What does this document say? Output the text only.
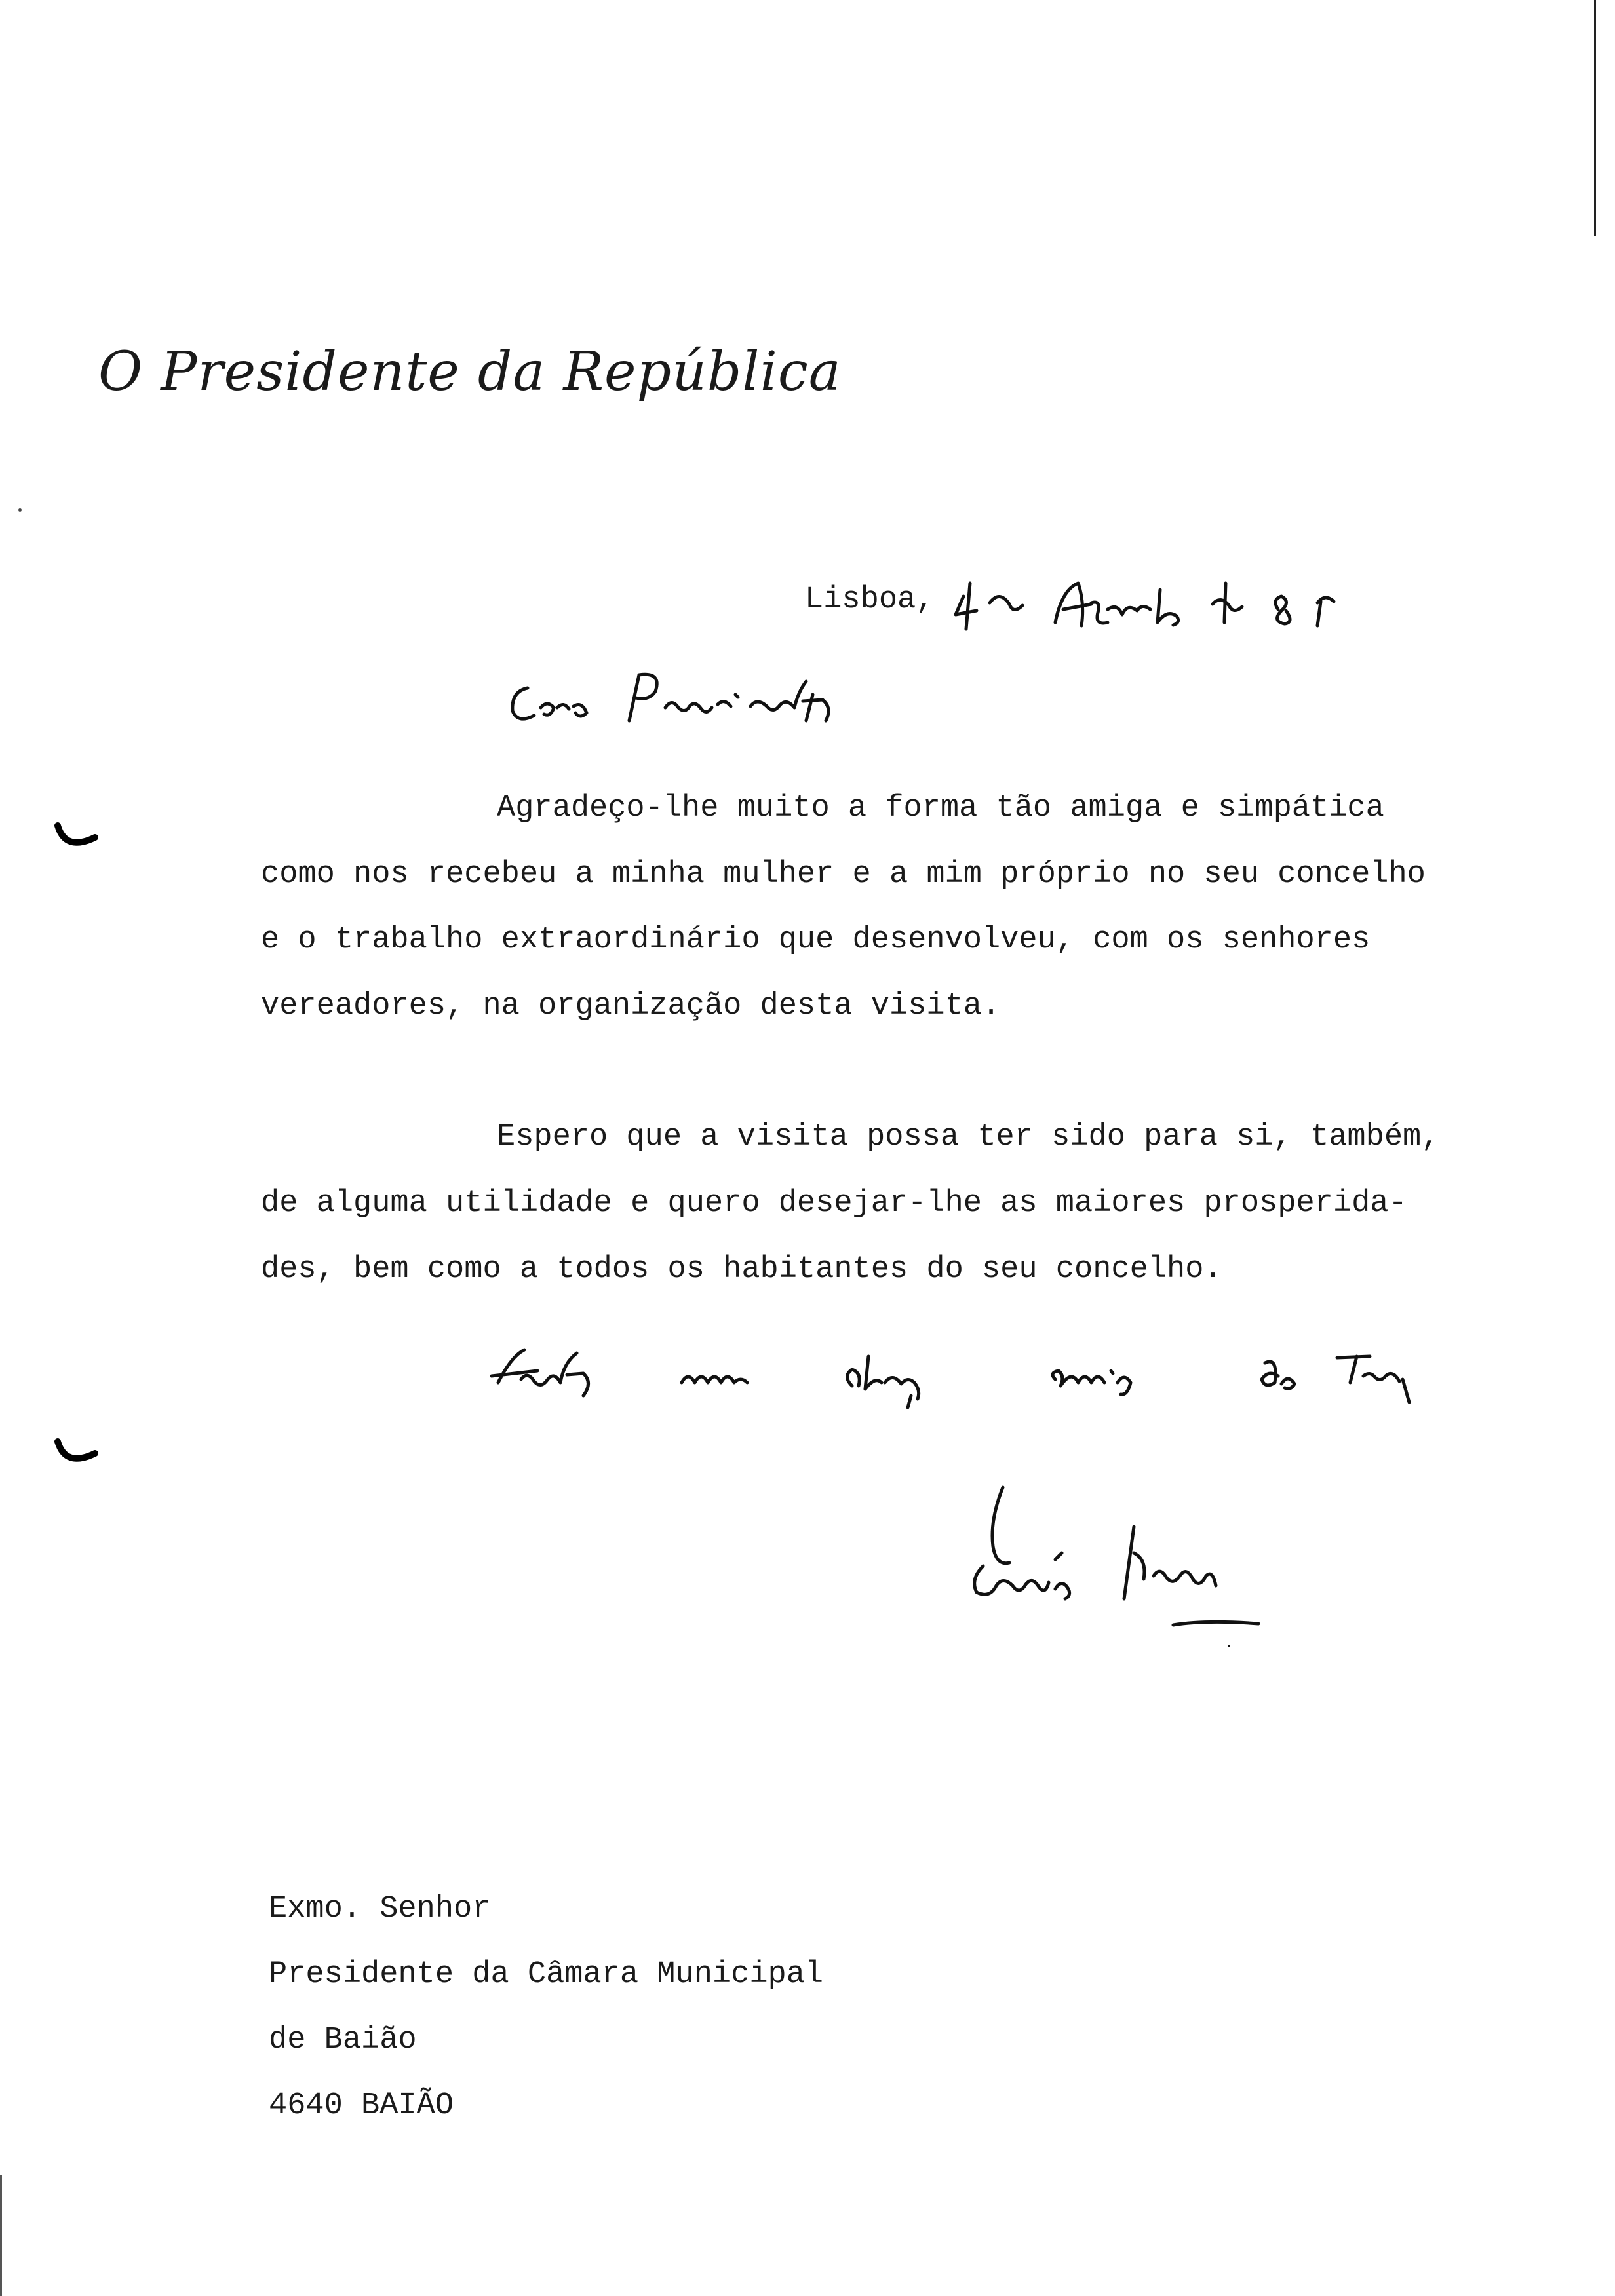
O Presidente da República
Lisboa,
Agradeço-lhe muito a forma tão amiga e simpática
como nos recebeu a minha mulher e a mim próprio no seu concelho
e o trabalho extraordinário que desenvolveu, com os senhores
vereadores, na organização desta visita.
Espero que a visita possa ter sido para si, também,
de alguma utilidade e quero desejar-lhe as maiores prosperida-
des, bem como a todos os habitantes do seu concelho.
Exmo. Senhor
Presidente da Câmara Municipal
de Baião
4640 BAIÃO
